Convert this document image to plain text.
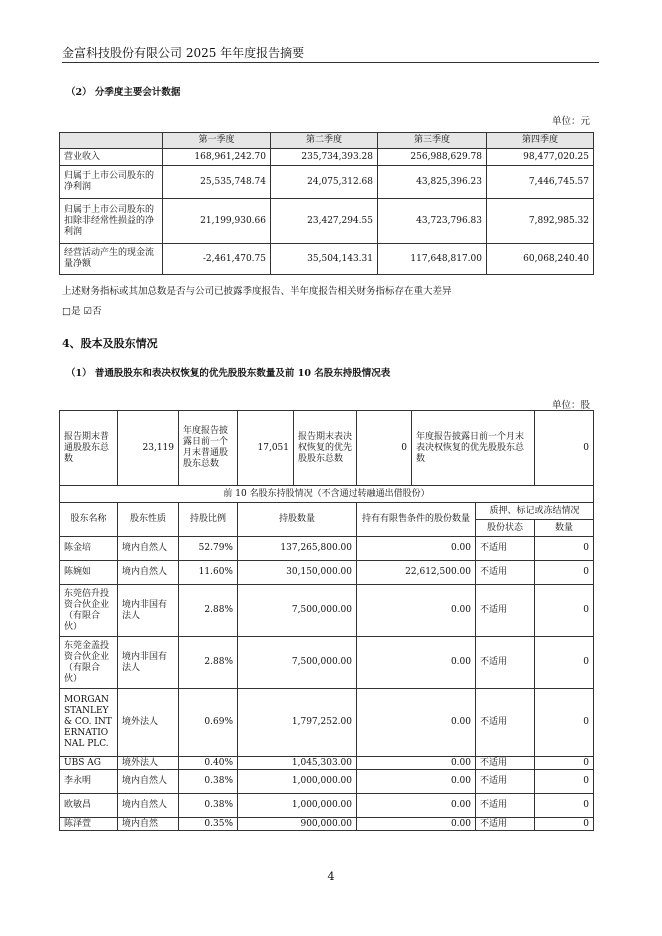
金富科技股份有限公司 2025 年年度报告摘要
（2） 分季度主要会计数据
单位：元
	第一季度	第二季度	第三季度	第四季度
营业收入	168,961,242.70	235,734,393.28	256,988,629.78	98,477,020.25
归属于上市公司股东的净利润	25,535,748.74	24,075,312.68	43,825,396.23	7,446,745.57
归属于上市公司股东的扣除非经常性损益的净利润	21,199,930.66	23,427,294.55	43,723,796.83	7,892,985.32
经营活动产生的现金流量净额	-2,461,470.75	35,504,143.31	117,648,817.00	60,068,240.40
上述财务指标或其加总数是否与公司已披露季度报告、半年度报告相关财务指标存在重大差异
□是 ☑否
4、股本及股东情况
（1） 普通股股东和表决权恢复的优先股股东数量及前 10 名股东持股情况表
单位：股
报告期末普通股股东总数	23,119	年度报告披露日前一个月末普通股股东总数	17,051	报告期末表决权恢复的优先股股东总数	0	年度报告披露日前一个月末表决权恢复的优先股股东总数		0
前 10 名股东持股情况（不含通过转融通出借股份）								
股东名称	股东性质	持股比例	持股数量		持有有限售条件的股份数量		质押、标记或冻结情况	
							股份状态	数量
陈金培	境内自然人	52.79%	137,265,800.00		0.00		不适用	0
陈婉如	境内自然人	11.60%	30,150,000.00		22,612,500.00		不适用	0
东莞倍升投资合伙企业（有限合伙）	境内非国有法人	2.88%	7,500,000.00		0.00		不适用	0
东莞金盖投资合伙企业（有限合伙）	境内非国有法人	2.88%	7,500,000.00		0.00		不适用	0
MORGAN STANLEY & CO. INTERNATIONAL PLC.	境外法人	0.69%	1,797,252.00		0.00		不适用	0
UBS AG	境外法人	0.40%	1,045,303.00		0.00		不适用	0
李永明	境内自然人	0.38%	1,000,000.00		0.00		不适用	0
欧敏昌	境内自然人	0.38%	1,000,000.00		0.00		不适用	0
陈泽萱	境内自然	0.35%	900,000.00		0.00		不适用	0
4
